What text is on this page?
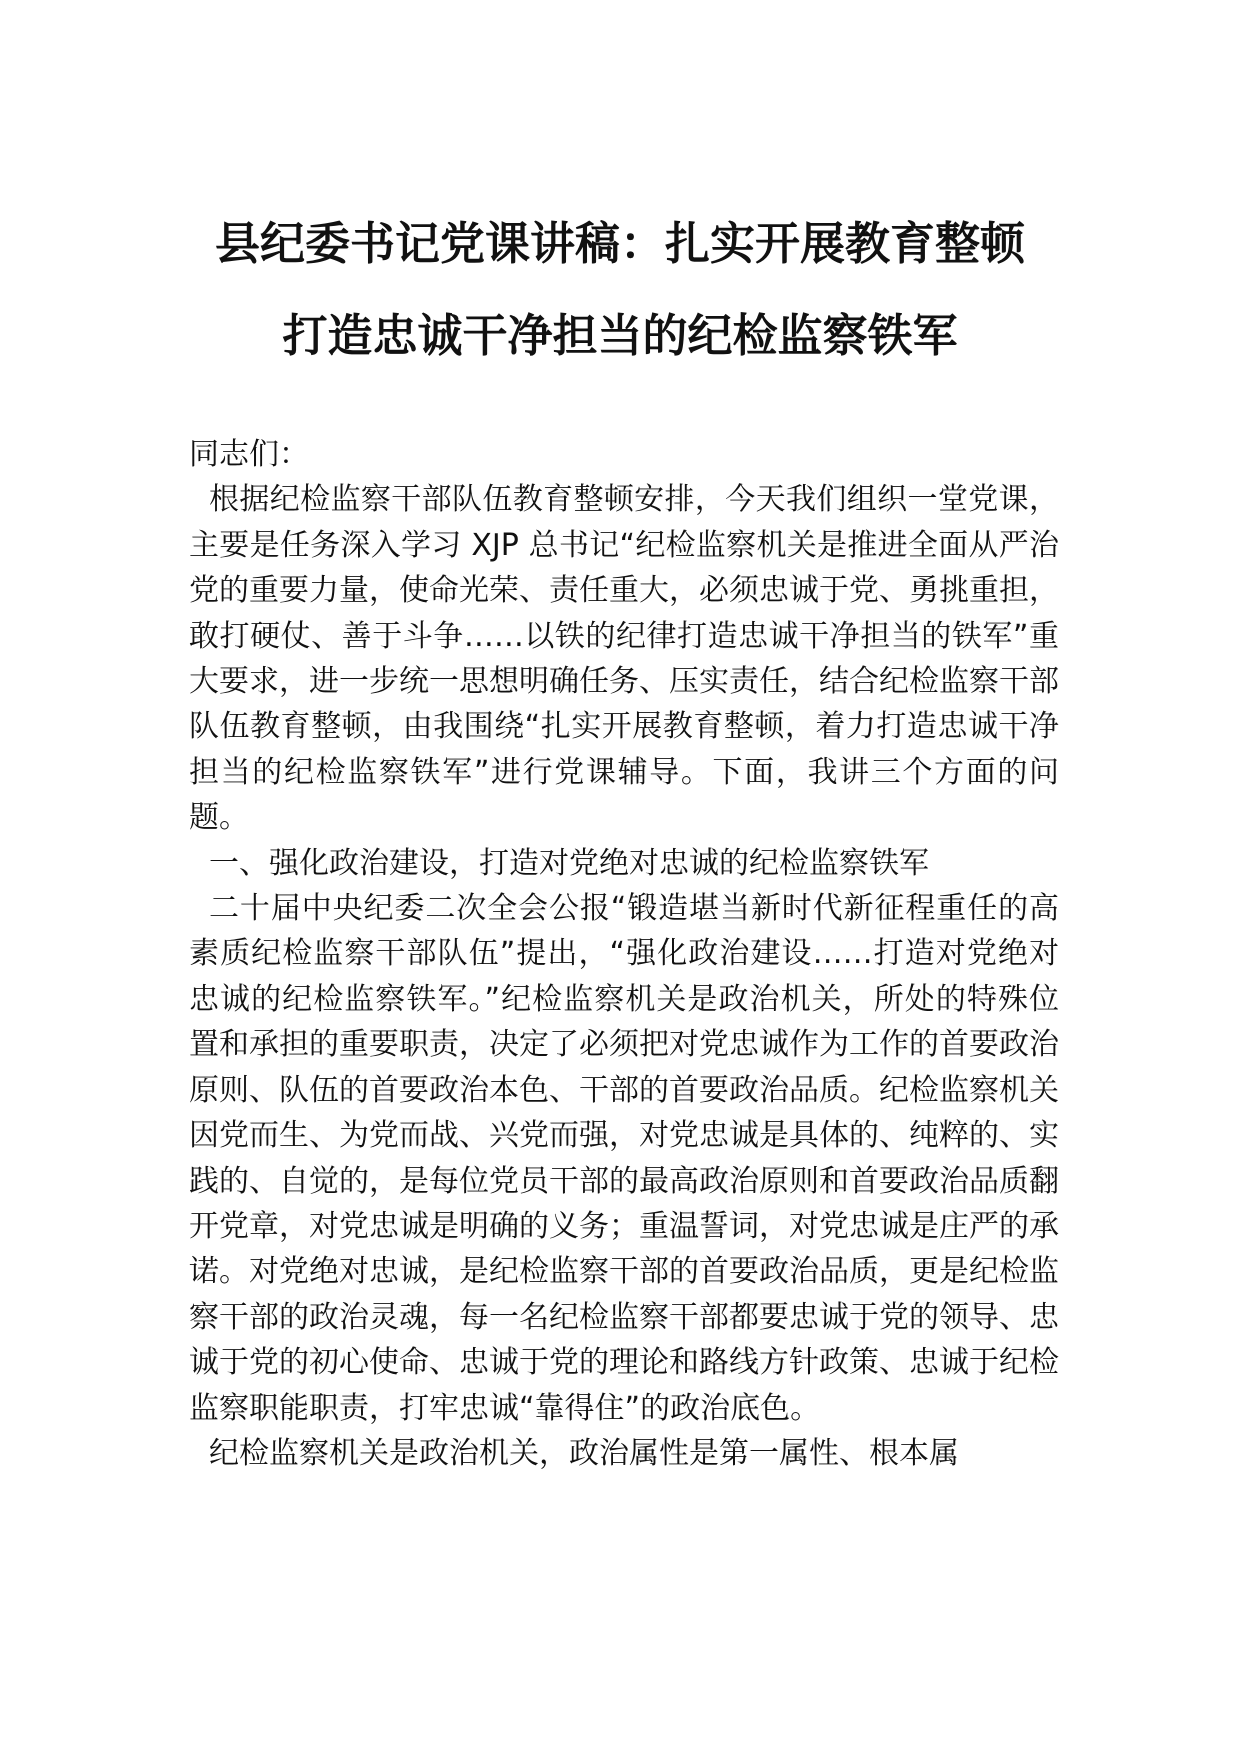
县纪委书记党课讲稿：扎实开展教育整顿
打造忠诚干净担当的纪检监察铁军

同志们：

根据纪检监察干部队伍教育整顿安排，今天我们组织一堂党课，主要是任务深入学习 XJP 总书记“纪检监察机关是推进全面从严治党的重要力量，使命光荣、责任重大，必须忠诚于党、勇挑重担，敢打硬仗、善于斗争……以铁的纪律打造忠诚干净担当的铁军”重大要求，进一步统一思想明确任务、压实责任，结合纪检监察干部队伍教育整顿，由我围绕“扎实开展教育整顿，着力打造忠诚干净担当的纪检监察铁军”进行党课辅导。下面，我讲三个方面的问题。

一、强化政治建设，打造对党绝对忠诚的纪检监察铁军

二十届中央纪委二次全会公报“锻造堪当新时代新征程重任的高素质纪检监察干部队伍”提出，“强化政治建设……打造对党绝对忠诚的纪检监察铁军。”纪检监察机关是政治机关，所处的特殊位置和承担的重要职责，决定了必须把对党忠诚作为工作的首要政治原则、队伍的首要政治本色、干部的首要政治品质。纪检监察机关因党而生、为党而战、兴党而强，对党忠诚是具体的、纯粹的、实践的、自觉的，是每位党员干部的最高政治原则和首要政治品质翻开党章，对党忠诚是明确的义务；重温誓词，对党忠诚是庄严的承诺。对党绝对忠诚，是纪检监察干部的首要政治品质，更是纪检监察干部的政治灵魂，每一名纪检监察干部都要忠诚于党的领导、忠诚于党的初心使命、忠诚于党的理论和路线方针政策、忠诚于纪检监察职能职责，打牢忠诚“靠得住”的政治底色。

纪检监察机关是政治机关，政治属性是第一属性、根本属
